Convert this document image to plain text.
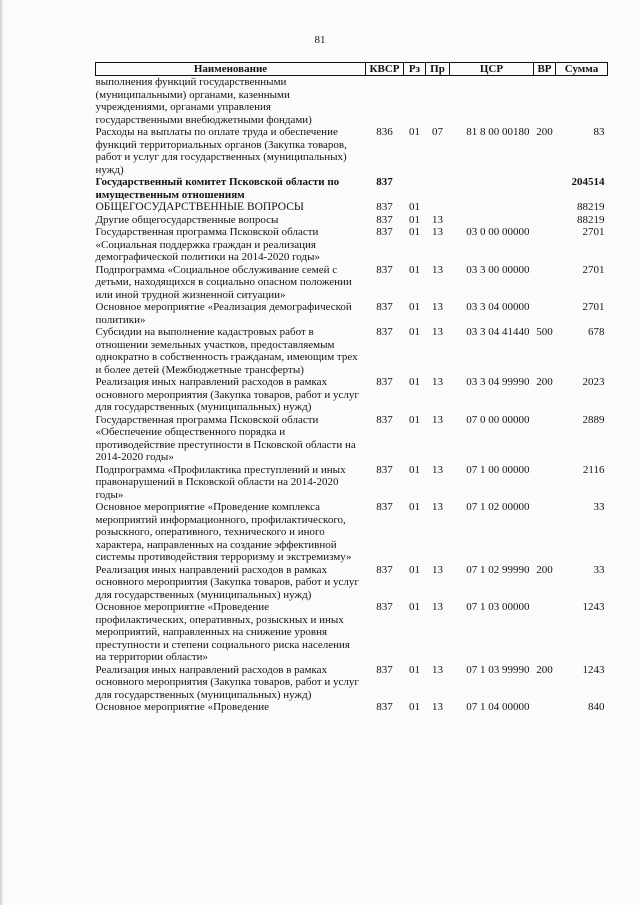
81
Наименование	КВСР	Рз	Пр	ЦСР	ВР	Сумма
выполнения функций государственными (муниципальными) органами, казенными учреждениями, органами управления государственными внебюджетными фондами)						
Расходы на выплаты по оплате труда и обеспечение функций территориальных органов (Закупка товаров, работ и услуг для государственных (муниципальных) нужд)	836	01	07	81 8 00 00180	200	83
Государственный комитет Псковской области по имущественным отношениям	837					204514
ОБЩЕГОСУДАРСТВЕННЫЕ ВОПРОСЫ	837	01				88219
Другие общегосударственные вопросы	837	01	13			88219
Государственная программа Псковской области «Социальная поддержка граждан и реализация демографической политики на 2014-2020 годы»	837	01	13	03 0 00 00000		2701
Подпрограмма «Социальное обслуживание семей с детьми, находящихся в социально опасном положении или иной трудной жизненной ситуации»	837	01	13	03 3 00 00000		2701
Основное мероприятие «Реализация демографической политики»	837	01	13	03 3 04 00000		2701
Субсидии на выполнение кадастровых работ в отношении земельных участков, предоставляемым однократно в собственность гражданам, имеющим трех и более детей (Межбюджетные трансферты)	837	01	13	03 3 04 41440	500	678
Реализация иных направлений расходов в рамках основного мероприятия (Закупка товаров, работ и услуг для государственных (муниципальных) нужд)	837	01	13	03 3 04 99990	200	2023
Государственная программа Псковской области «Обеспечение общественного порядка и противодействие преступности в Псковской области на 2014-2020 годы»	837	01	13	07 0 00 00000		2889
Подпрограмма «Профилактика преступлений и иных правонарушений в Псковской области на 2014-2020 годы»	837	01	13	07 1 00 00000		2116
Основное мероприятие «Проведение комплекса мероприятий информационного, профилактического, розыскного, оперативного, технического и иного характера, направленных на создание эффективной системы противодействия терроризму и экстремизму»	837	01	13	07 1 02 00000		33
Реализация иных направлений расходов в рамках основного мероприятия (Закупка товаров, работ и услуг для государственных (муниципальных) нужд)	837	01	13	07 1 02 99990	200	33
Основное мероприятие «Проведение профилактических, оперативных, розыскных и иных мероприятий, направленных на снижение уровня преступности и степени социального риска населения на территории области»	837	01	13	07 1 03 00000		1243
Реализация иных направлений расходов в рамках основного мероприятия (Закупка товаров, работ и услуг для государственных (муниципальных) нужд)	837	01	13	07 1 03 99990	200	1243
Основное мероприятие «Проведение	837	01	13	07 1 04 00000		840
